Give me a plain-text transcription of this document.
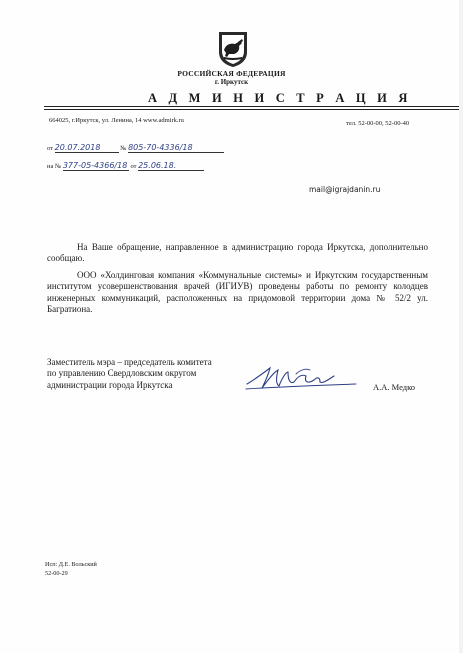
РОССИЙСКАЯ ФЕДЕРАЦИЯ
г. Иркутск
А Д М И Н И С Т Р А Ц И Я
664025, г.Иркутск, ул. Ленина, 14 www.admirk.ru	тел. 52-00-00, 52-00-40
от 20.07.2018	№ 805-70-4336/18
на № 377-05-4366/18 от 25.06.18.
mail@igrajdanin.ru

На Ваше обращение, направленное в администрацию города Иркутска, дополнительно сообщаю.

ООО «Холдинговая компания «Коммунальные системы» и Иркутским государственным институтом усовершенствования врачей (ИГИУВ) проведены работы по ремонту колодцев инженерных коммуникаций, расположенных на придомовой территории дома № 52/2 ул. Багратиона.

Заместитель мэра – председатель комитета
по управлению Свердловским округом
администрации города Иркутска	А.А. Медко
Исп: Д.Е. Вольский
52-00-29
